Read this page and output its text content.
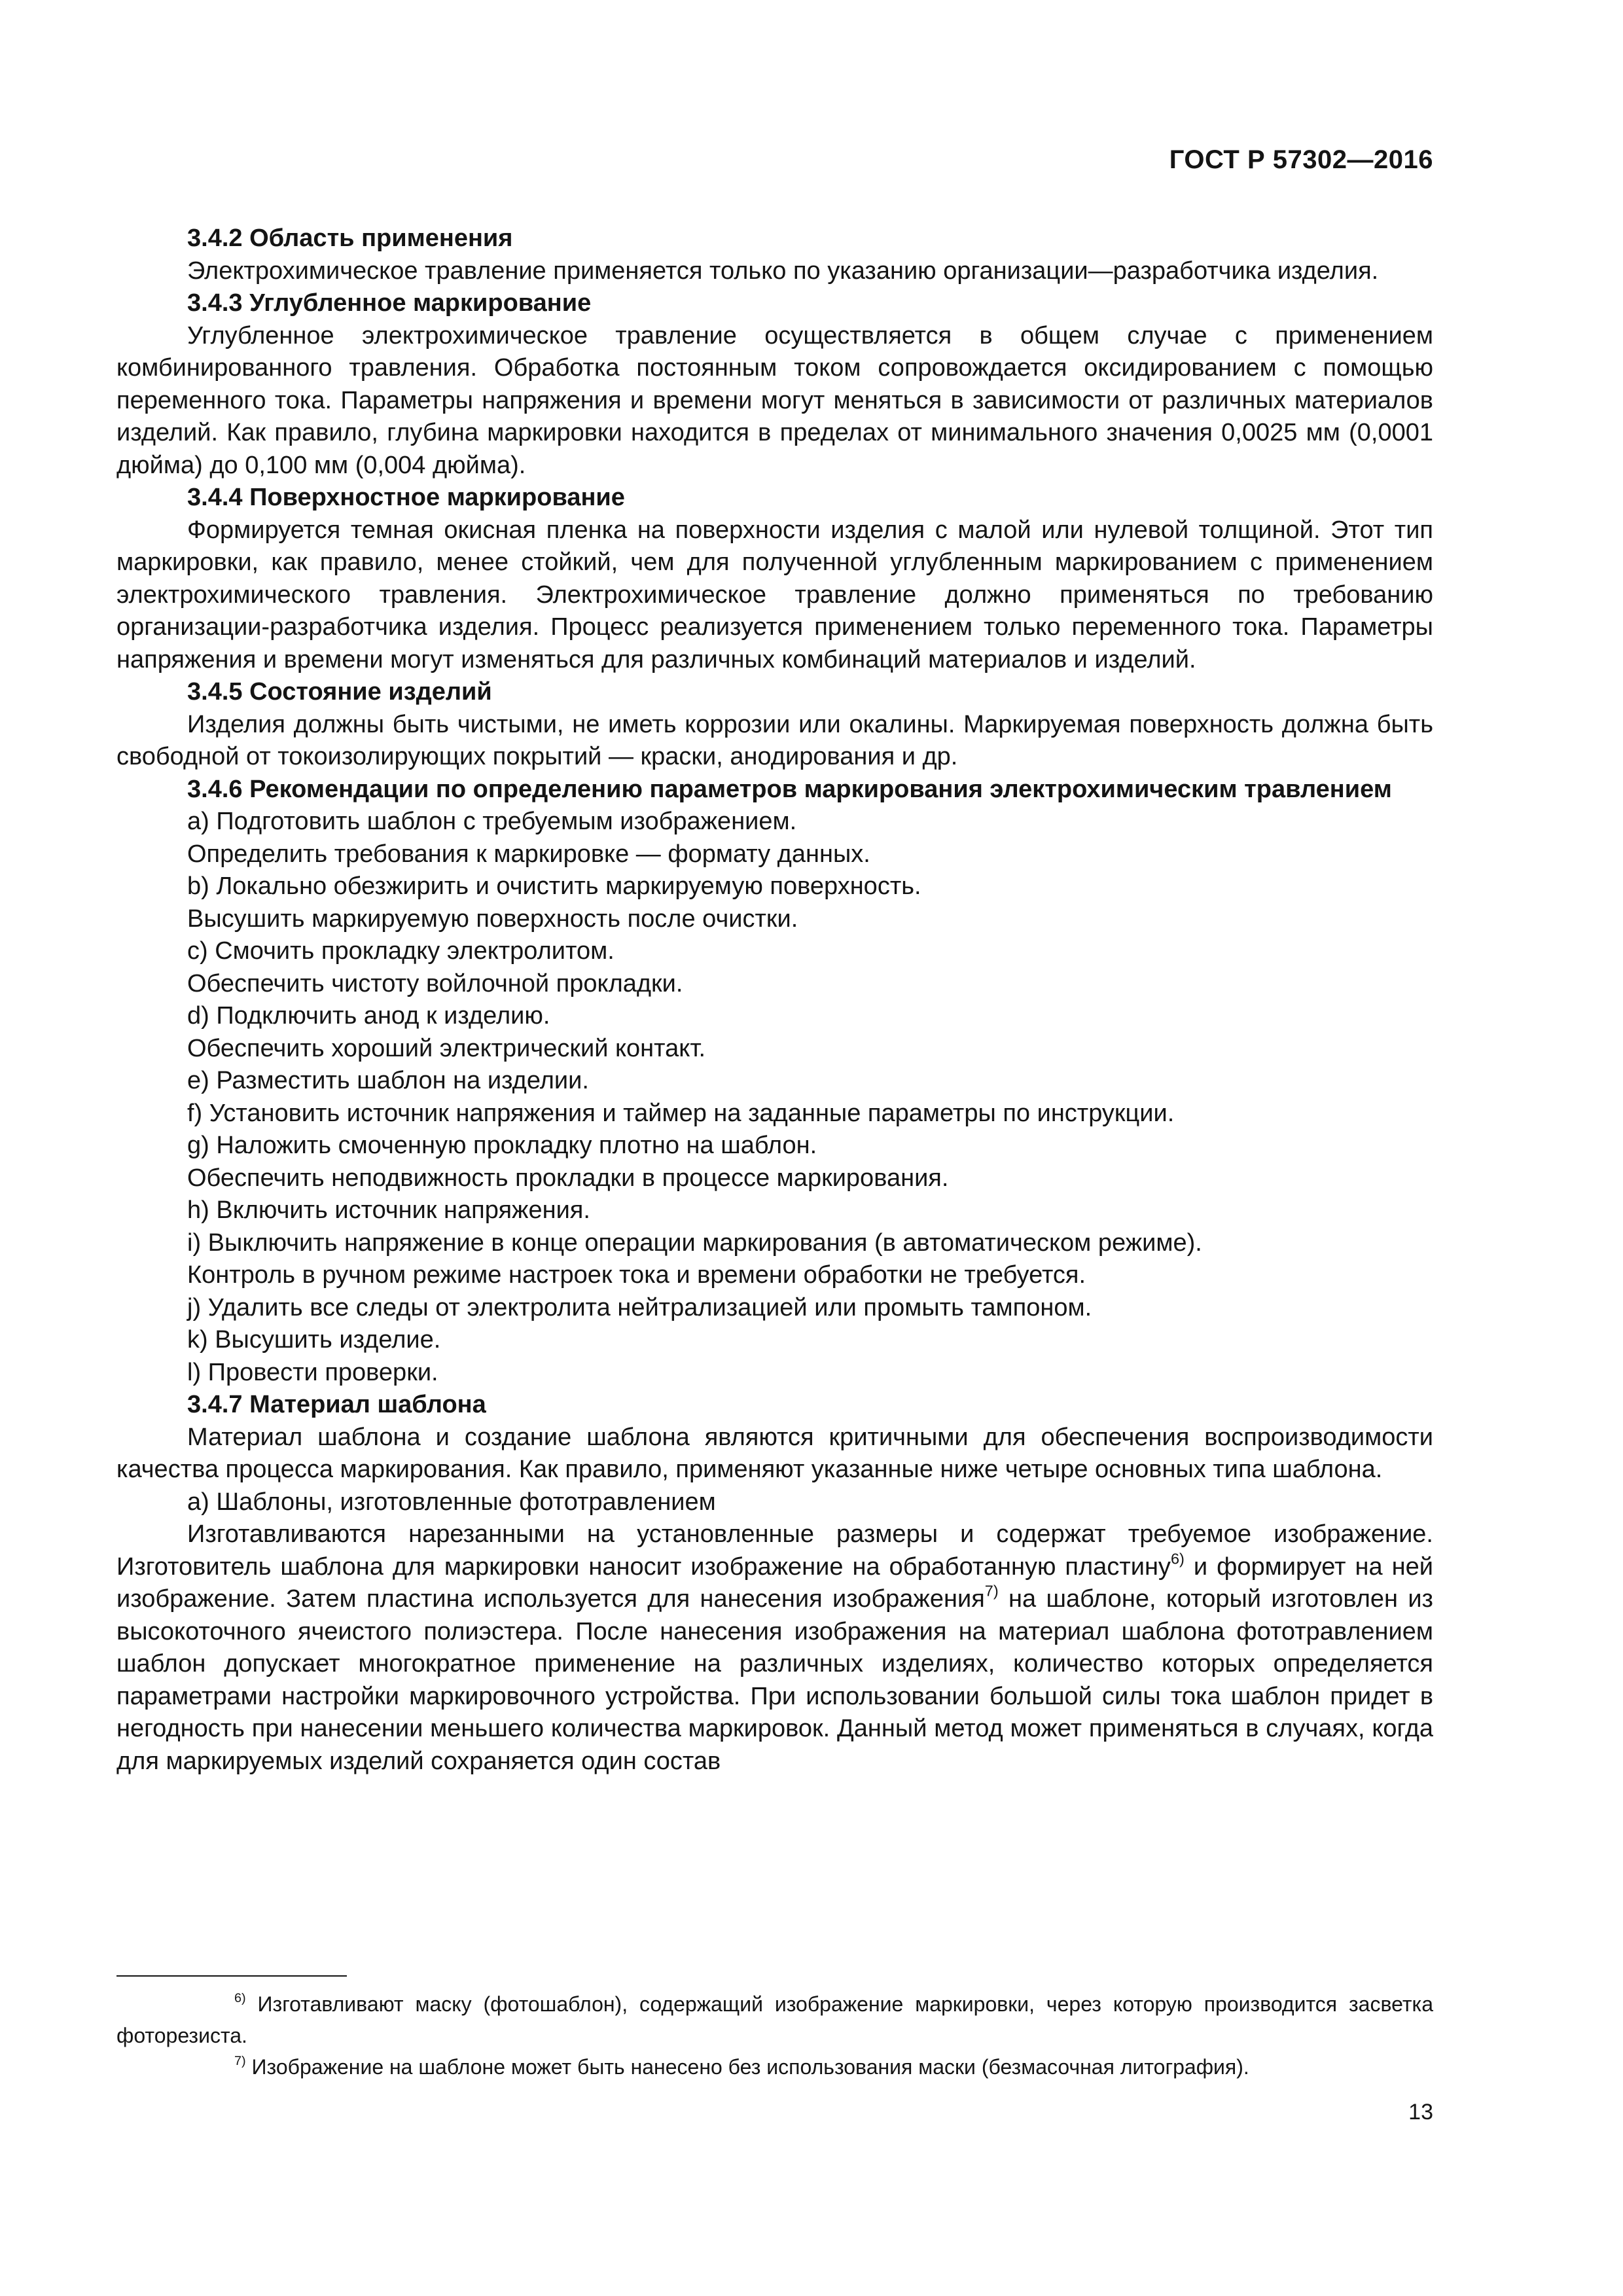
ГОСТ Р 57302—2016

3.4.2 Область применения

Электрохимическое травление применяется только по указанию организации—разработчика изделия.

3.4.3 Углубленное маркирование

Углубленное электрохимическое травление осуществляется в общем случае с применением комбинированного травления. Обработка постоянным током сопровождается оксидированием с помощью переменного тока. Параметры напряжения и времени могут меняться в зависимости от различных материалов изделий. Как правило, глубина маркировки находится в пределах от минимального значения 0,0025 мм (0,0001 дюйма) до 0,100 мм (0,004 дюйма).

3.4.4 Поверхностное маркирование

Формируется темная окисная пленка на поверхности изделия с малой или нулевой толщиной. Этот тип маркировки, как правило, менее стойкий, чем для полученной углубленным маркированием с применением электрохимического травления. Электрохимическое травление должно применяться по требованию организации-разработчика изделия. Процесс реализуется применением только переменного тока. Параметры напряжения и времени могут изменяться для различных комбинаций материалов и изделий.

3.4.5 Состояние изделий

Изделия должны быть чистыми, не иметь коррозии или окалины. Маркируемая поверхность должна быть свободной от токоизолирующих покрытий — краски, анодирования и др.

3.4.6 Рекомендации по определению параметров маркирования электрохимическим травлением

a) Подготовить шаблон с требуемым изображением.

Определить требования к маркировке — формату данных.

b) Локально обезжирить и очистить маркируемую поверхность.

Высушить маркируемую поверхность после очистки.

c) Смочить прокладку электролитом.

Обеспечить чистоту войлочной прокладки.

d) Подключить анод к изделию.

Обеспечить хороший электрический контакт.

e) Разместить шаблон на изделии.

f) Установить источник напряжения и таймер на заданные параметры по инструкции.

g) Наложить смоченную прокладку плотно на шаблон.

Обеспечить неподвижность прокладки в процессе маркирования.

h) Включить источник напряжения.

i) Выключить напряжение в конце операции маркирования (в автоматическом режиме).

Контроль в ручном режиме настроек тока и времени обработки не требуется.

j) Удалить все следы от электролита нейтрализацией или промыть тампоном.

k) Высушить изделие.

l) Провести проверки.

3.4.7 Материал шаблона

Материал шаблона и создание шаблона являются критичными для обеспечения воспроизводимости качества процесса маркирования. Как правило, применяют указанные ниже четыре основных типа шаблона.

a) Шаблоны, изготовленные фототравлением

Изготавливаются нарезанными на установленные размеры и содержат требуемое изображение. Изготовитель шаблона для маркировки наносит изображение на обработанную пластину$^{6)}$ и формирует на ней изображение. Затем пластина используется для нанесения изображения$^{7)}$ на шаблоне, который изготовлен из высокоточного ячеистого полиэстера. После нанесения изображения на материал шаблона фототравлением шаблон допускает многократное применение на различных изделиях, количество которых определяется параметрами настройки маркировочного устройства. При использовании большой силы тока шаблон придет в негодность при нанесении меньшего количества маркировок. Данный метод может применяться в случаях, когда для маркируемых изделий сохраняется один состав

$^{6)}$ Изготавливают маску (фотошаблон), содержащий изображение маркировки, через которую производится засветка фоторезиста.

$^{7)}$ Изображение на шаблоне может быть нанесено без использования маски (безмасочная литография).

13
